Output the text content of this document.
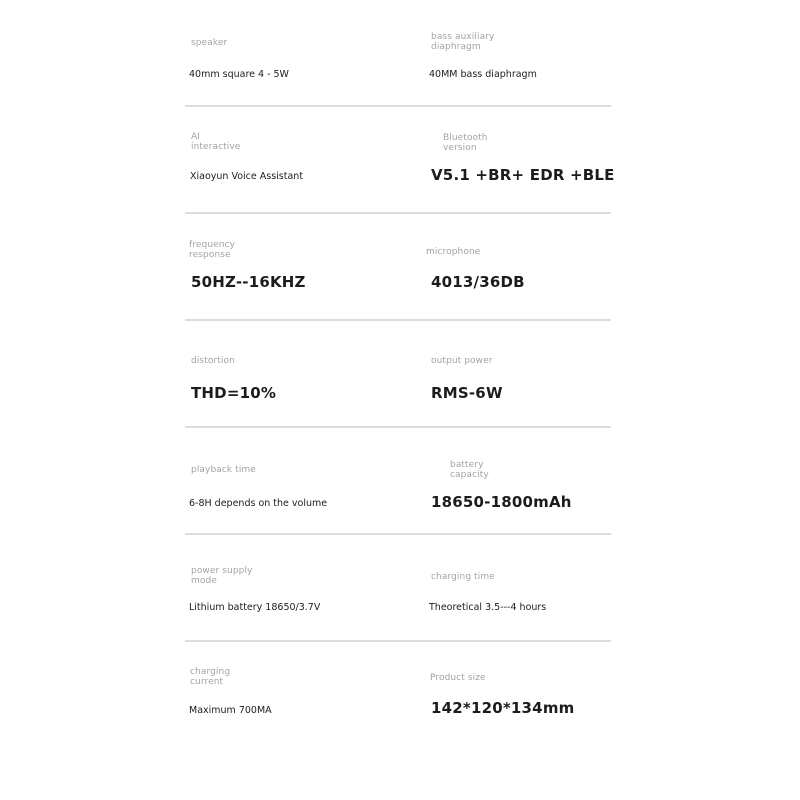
speaker
40mm square 4 - 5W
bass auxiliary
diaphragm
40MM bass diaphragm
AI
interactive
Xiaoyun Voice Assistant
Bluetooth
version
V5.1 +BR+ EDR +BLE
frequency
response
50HZ--16KHZ
microphone
4013/36DB
distortion
THD=10%
output power
RMS-6W
playback time
6-8H depends on the volume
battery
capacity
18650-1800mAh
power supply
mode
Lithium battery 18650/3.7V
charging time
Theoretical 3.5---4 hours
charging
current
Maximum 700MA
Product size
142*120*134mm
